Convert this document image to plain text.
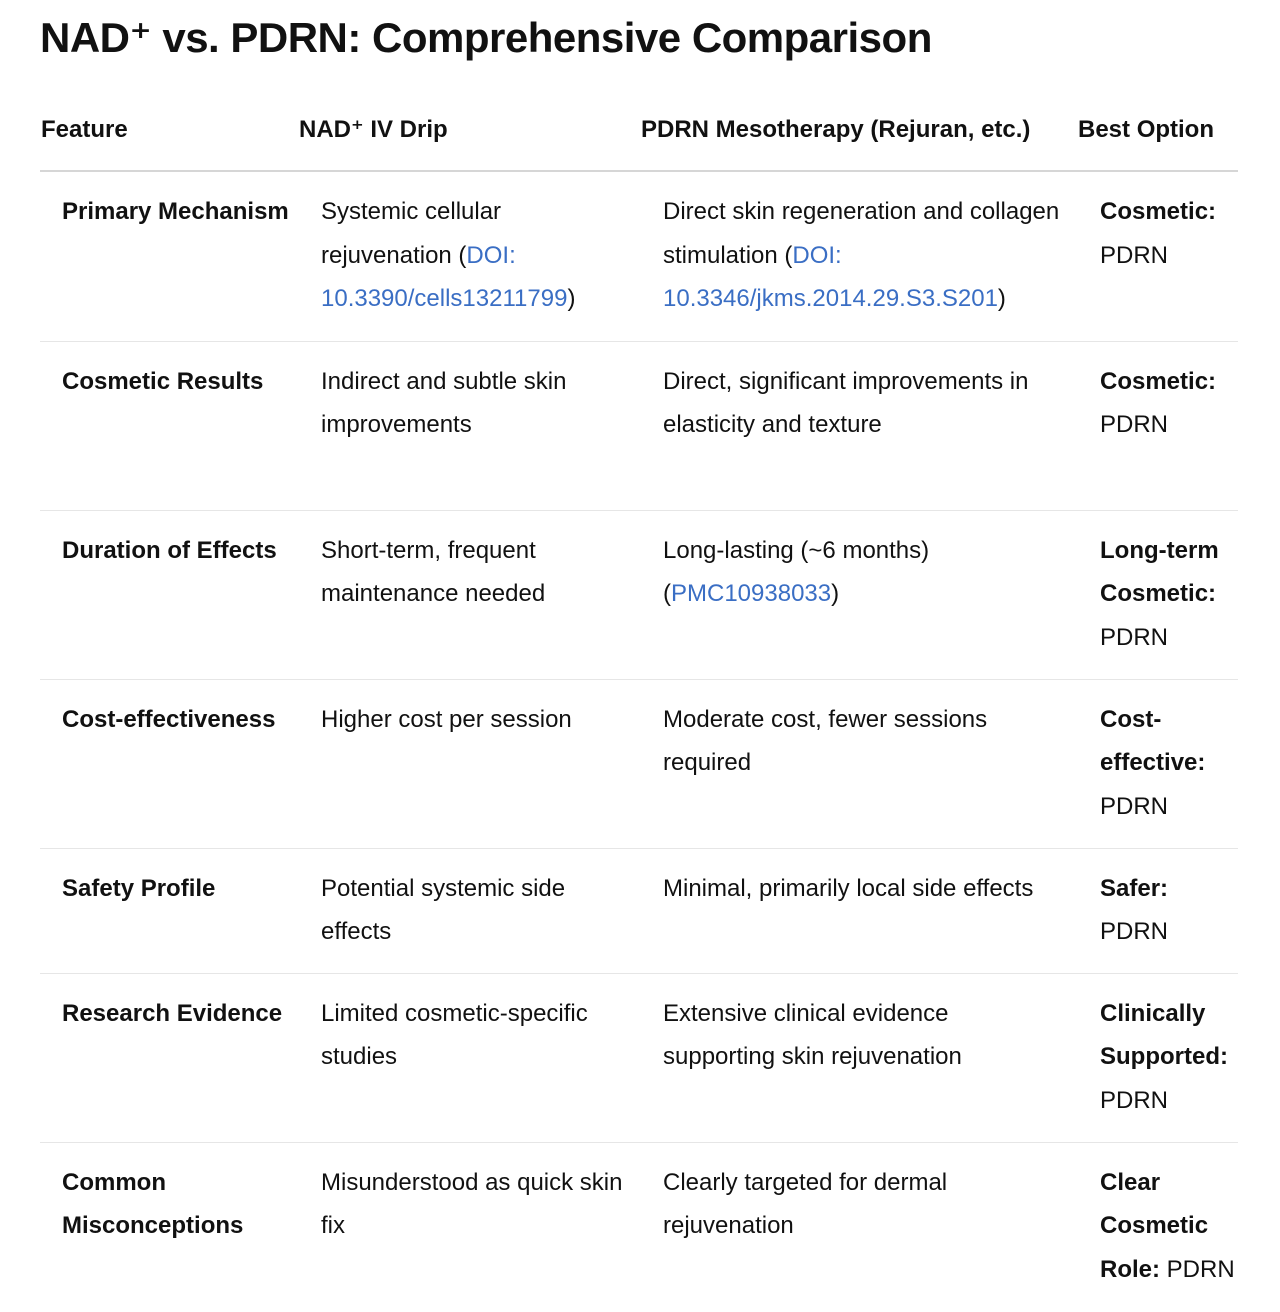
NAD⁺ vs. PDRN: Comprehensive Comparison
Feature	NAD⁺ IV Drip	PDRN Mesotherapy (Rejuran, etc.)	Best Option
Primary Mechanism	Systemic cellular rejuvenation (DOI: 10.3390/cells13211799)	Direct skin regeneration and collagen stimulation (DOI: 10.3346/jkms.2014.29.S3.S201)	Cosmetic: PDRN
Cosmetic Results	Indirect and subtle skin improvements	Direct, significant improvements in elasticity and texture	Cosmetic: PDRN
Duration of Effects	Short-term, frequent maintenance needed	Long-lasting (~6 months) (PMC10938033)	Long-term Cosmetic: PDRN
Cost-effectiveness	Higher cost per session	Moderate cost, fewer sessions required	Cost-effective: PDRN
Safety Profile	Potential systemic side effects	Minimal, primarily local side effects	Safer: PDRN
Research Evidence	Limited cosmetic-specific studies	Extensive clinical evidence supporting skin rejuvenation	Clinically Supported: PDRN
Common Misconceptions	Misunderstood as quick skin fix	Clearly targeted for dermal rejuvenation	Clear Cosmetic Role: PDRN
